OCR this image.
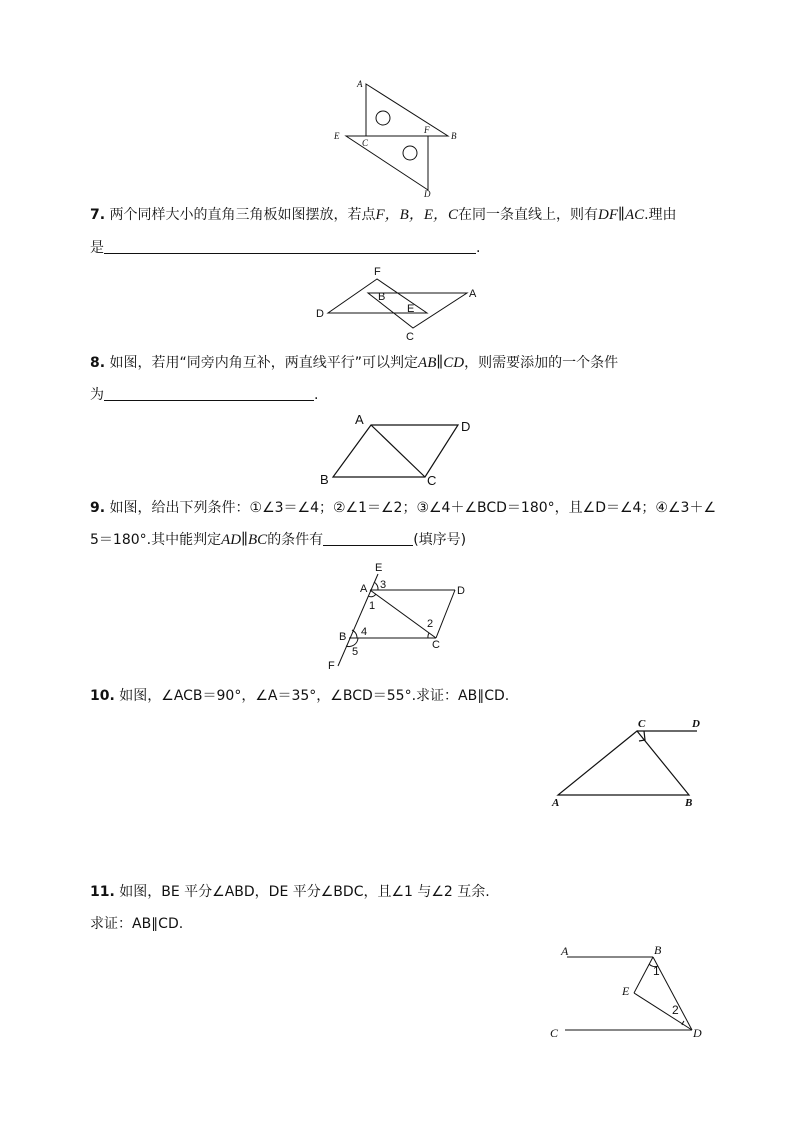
A
E
C
F
B
D
7. 两个同样大小的直角三角板如图摆放，若点F，B，E，C在同一条直线上，则有DF∥AC.理由
是	.
F
B
E
A
D
C
8. 如图，若用“同旁内角互补，两直线平行”可以判定AB∥CD，则需要添加的一个条件
为	.
A	D
B	C
9. 如图，给出下列条件：①∠3＝∠4；②∠1＝∠2；③∠4＋∠BCD＝180°，且∠D＝∠4；④∠3＋∠
5＝180°.其中能判定AD∥BC的条件有	(填序号)
E
A 3
1
D
2
B 4
C
5
F
10. 如图，∠ACB＝90°，∠A＝35°，∠BCD＝55°.求证：AB∥CD.
C	D
A	B
11. 如图，BE 平分∠ABD，DE 平分∠BDC，且∠1 与∠2 互余.
求证：AB∥CD.
A	B
1
E
2
C	D
